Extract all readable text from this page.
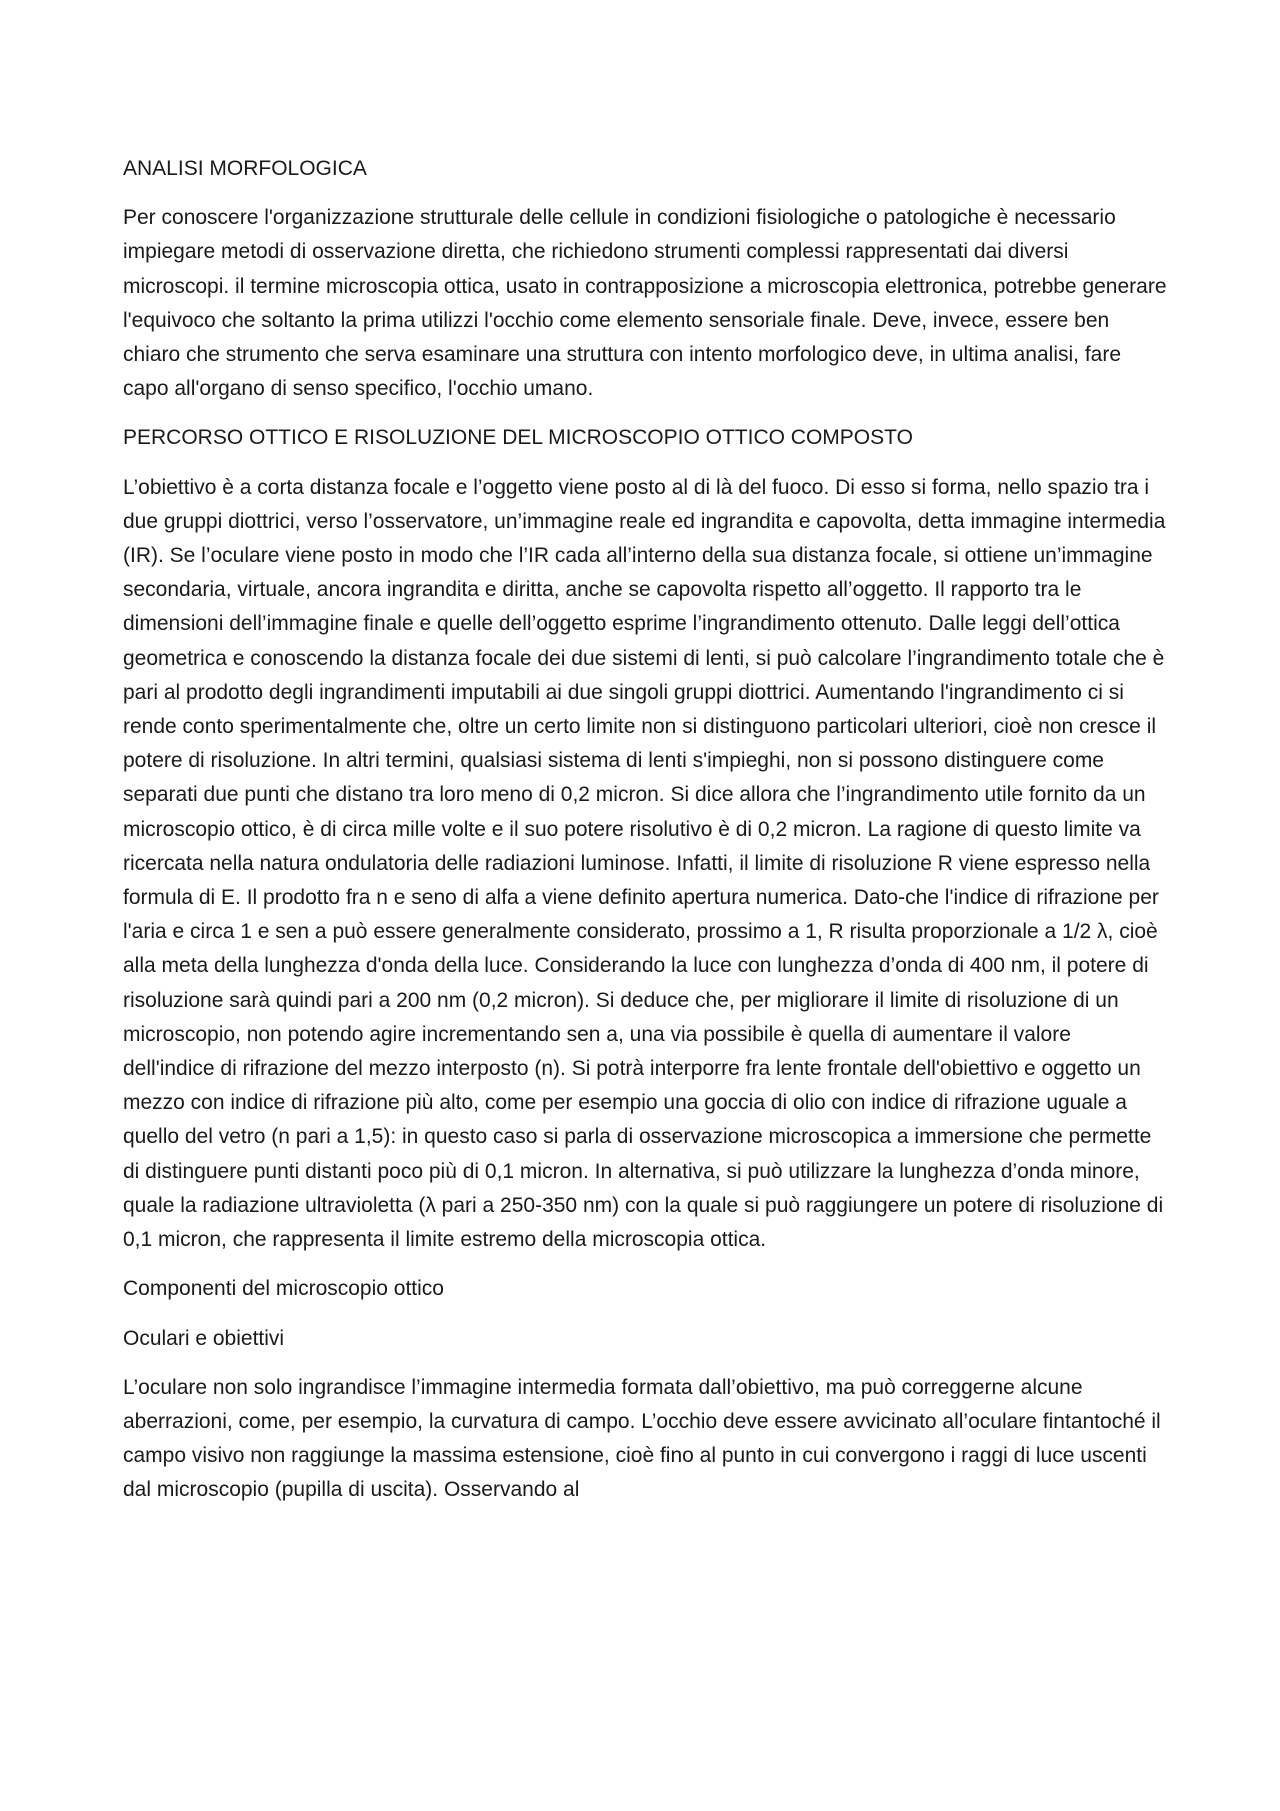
ANALISI MORFOLOGICA

Per conoscere l'organizzazione strutturale delle cellule in condizioni fisiologiche o patologiche è necessario impiegare metodi di osservazione diretta, che richiedono strumenti complessi rappresentati dai diversi microscopi. il termine microscopia ottica, usato in contrapposizione a microscopia elettronica, potrebbe generare l'equivoco che soltanto la prima utilizzi l'occhio come elemento sensoriale finale. Deve, invece, essere ben chiaro che strumento che serva esaminare una struttura con intento morfologico deve, in ultima analisi, fare capo all'organo di senso specifico, l'occhio umano.

PERCORSO OTTICO E RISOLUZIONE DEL MICROSCOPIO OTTICO COMPOSTO

L’obiettivo è a corta distanza focale e l’oggetto viene posto al di là del fuoco. Di esso si forma, nello spazio tra i due gruppi diottrici, verso l’osservatore, un’immagine reale ed ingrandita e capovolta, detta immagine intermedia (IR). Se l’oculare viene posto in modo che l’IR cada all’interno della sua distanza focale, si ottiene un’immagine secondaria, virtuale, ancora ingrandita e diritta, anche se capovolta rispetto all’oggetto. Il rapporto tra le dimensioni dell’immagine finale e quelle dell’oggetto esprime l’ingrandimento ottenuto. Dalle leggi dell’ottica geometrica e conoscendo la distanza focale dei due sistemi di lenti, si può calcolare l’ingrandimento totale che è pari al prodotto degli ingrandimenti imputabili ai due singoli gruppi diottrici. Aumentando l'ingrandimento ci si rende conto sperimentalmente che, oltre un certo limite non si distinguono particolari ulteriori, cioè non cresce il potere di risoluzione. In altri termini, qualsiasi sistema di lenti s'impieghi, non si possono distinguere come separati due punti che distano tra loro meno di 0,2 micron. Si dice allora che l’ingrandimento utile fornito da un microscopio ottico, è di circa mille volte e il suo potere risolutivo è di 0,2 micron. La ragione di questo limite va ricercata nella natura ondulatoria delle radiazioni luminose. Infatti, il limite di risoluzione R viene espresso nella formula di E. Il prodotto fra n e seno di alfa a viene definito apertura numerica. Dato-che l'indice di rifrazione per l'aria e circa 1 e sen a può essere generalmente considerato, prossimo a 1, R risulta proporzionale a 1/2 λ, cioè alla meta della lunghezza d'onda della luce. Considerando la luce con lunghezza d’onda di 400 nm, il potere di risoluzione sarà quindi pari a 200 nm (0,2 micron). Si deduce che, per migliorare il limite di risoluzione di un microscopio, non potendo agire incrementando sen a, una via possibile è quella di aumentare il valore dell'indice di rifrazione del mezzo interposto (n). Si potrà interporre fra lente frontale dell'obiettivo e oggetto un mezzo con indice di rifrazione più alto, come per esempio una goccia di olio con indice di rifrazione uguale a quello del vetro (n pari a 1,5): in questo caso si parla di osservazione microscopica a immersione che permette di distinguere punti distanti poco più di 0,1 micron. In alternativa, si può utilizzare la lunghezza d’onda minore, quale la radiazione ultravioletta (λ pari a 250-350 nm) con la quale si può raggiungere un potere di risoluzione di 0,1 micron, che rappresenta il limite estremo della microscopia ottica.

Componenti del microscopio ottico
Oculari e obiettivi

L’oculare non solo ingrandisce l’immagine intermedia formata dall’obiettivo, ma può correggerne alcune aberrazioni, come, per esempio, la curvatura di campo. L’occhio deve essere avvicinato all’oculare fintantoché il campo visivo non raggiunge la massima estensione, cioè fino al punto in cui convergono i raggi di luce uscenti dal microscopio (pupilla di uscita). Osservando al
